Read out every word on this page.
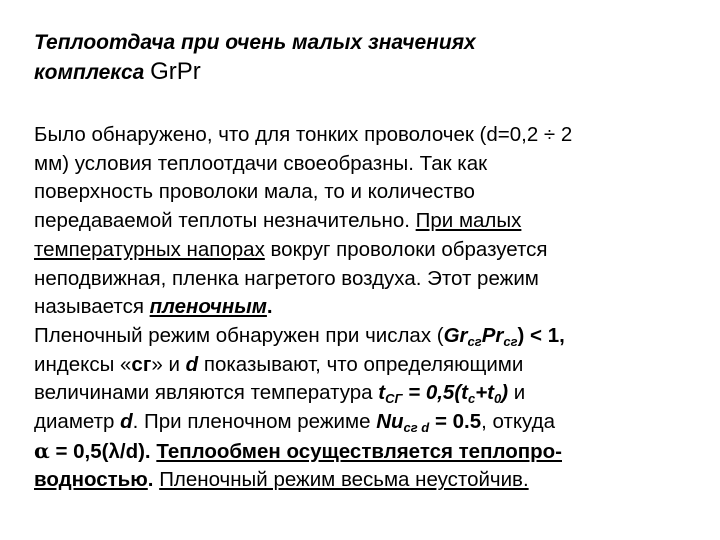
Теплоотдача при очень малых значениях
комплекса GrPr
Было обнаружено, что для тонких проволочек (d=0,2 ÷ 2
мм) условия теплоотдачи своеобразны. Так как
поверхность проволоки мала, то и количество
передаваемой теплоты незначительно. При малых
температурных напорах вокруг проволоки образуется
неподвижная, пленка нагретого воздуха. Этот режим
называется пленочным.
Пленочный режим обнаружен при числах $(Gr_{сг}Pr_{сг}) < 1$,
индексы «сг» и d показывают, что определяющими
величинами являются температура $t_{СГ} = 0,5(t_c+t_0)$ и
диаметр d. При пленочном режиме $Nu_{сг d} = 0.5$, откуда
α = 0,5(λ/d). Теплообмен осуществляется теплопро-
водностью. Пленочный режим весьма неустойчив.
